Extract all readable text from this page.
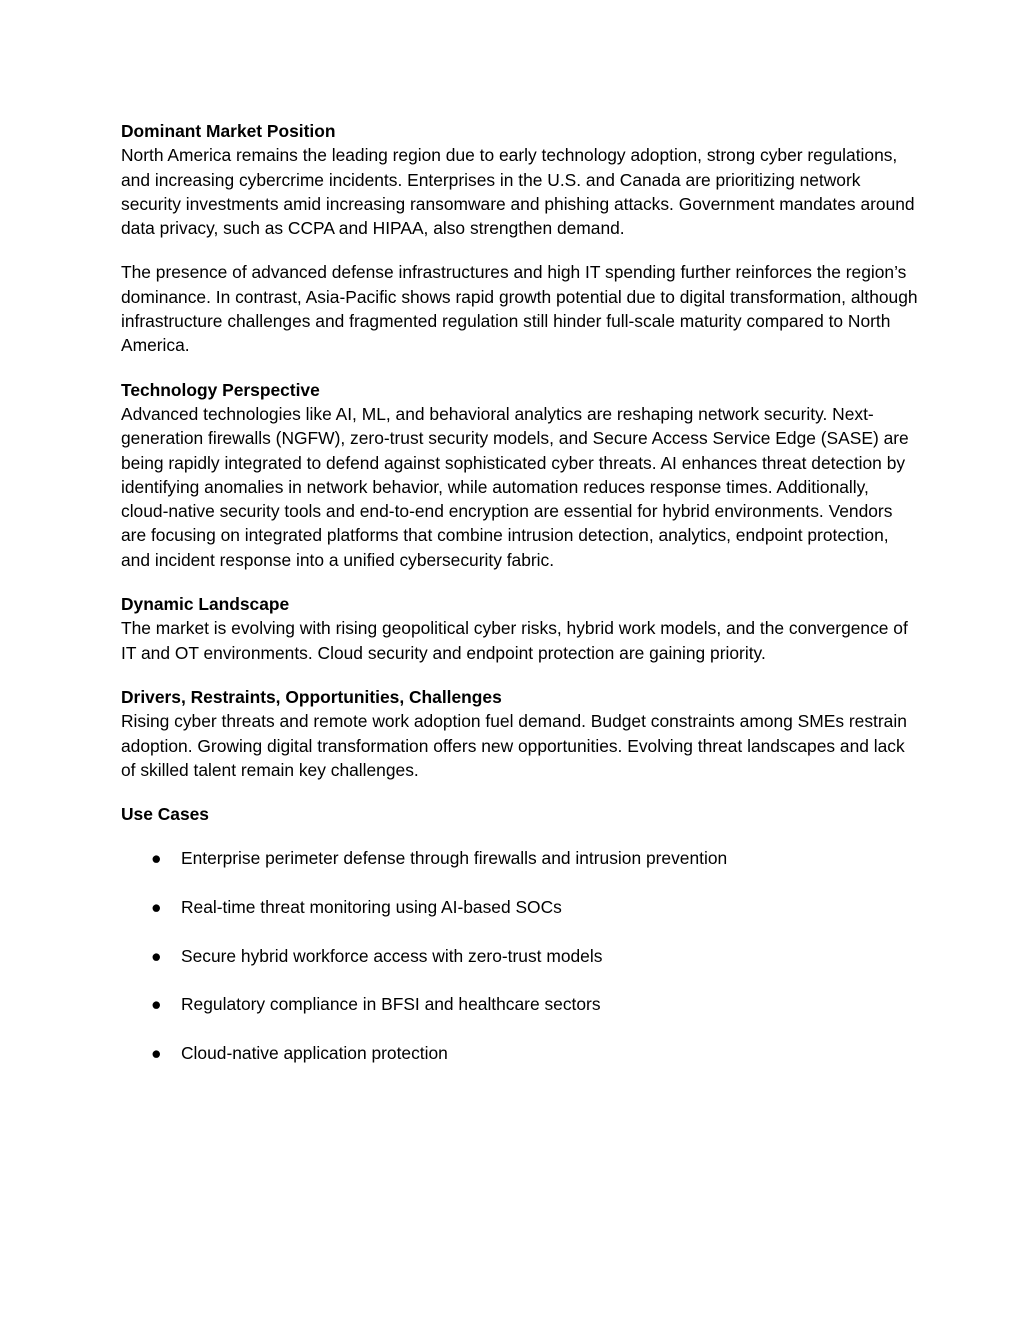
Dominant Market Position
North America remains the leading region due to early technology adoption, strong cyber regulations, and increasing cybercrime incidents. Enterprises in the U.S. and Canada are prioritizing network security investments amid increasing ransomware and phishing attacks. Government mandates around data privacy, such as CCPA and HIPAA, also strengthen demand.
The presence of advanced defense infrastructures and high IT spending further reinforces the region’s dominance. In contrast, Asia-Pacific shows rapid growth potential due to digital transformation, although infrastructure challenges and fragmented regulation still hinder full-scale maturity compared to North America.
Technology Perspective
Advanced technologies like AI, ML, and behavioral analytics are reshaping network security. Next-generation firewalls (NGFW), zero-trust security models, and Secure Access Service Edge (SASE) are being rapidly integrated to defend against sophisticated cyber threats. AI enhances threat detection by identifying anomalies in network behavior, while automation reduces response times. Additionally, cloud-native security tools and end-to-end encryption are essential for hybrid environments. Vendors are focusing on integrated platforms that combine intrusion detection, analytics, endpoint protection, and incident response into a unified cybersecurity fabric.
Dynamic Landscape
The market is evolving with rising geopolitical cyber risks, hybrid work models, and the convergence of IT and OT environments. Cloud security and endpoint protection are gaining priority.
Drivers, Restraints, Opportunities, Challenges
Rising cyber threats and remote work adoption fuel demand. Budget constraints among SMEs restrain adoption. Growing digital transformation offers new opportunities. Evolving threat landscapes and lack of skilled talent remain key challenges.
Use Cases
● Enterprise perimeter defense through firewalls and intrusion prevention
● Real-time threat monitoring using AI-based SOCs
● Secure hybrid workforce access with zero-trust models
● Regulatory compliance in BFSI and healthcare sectors
● Cloud-native application protection
